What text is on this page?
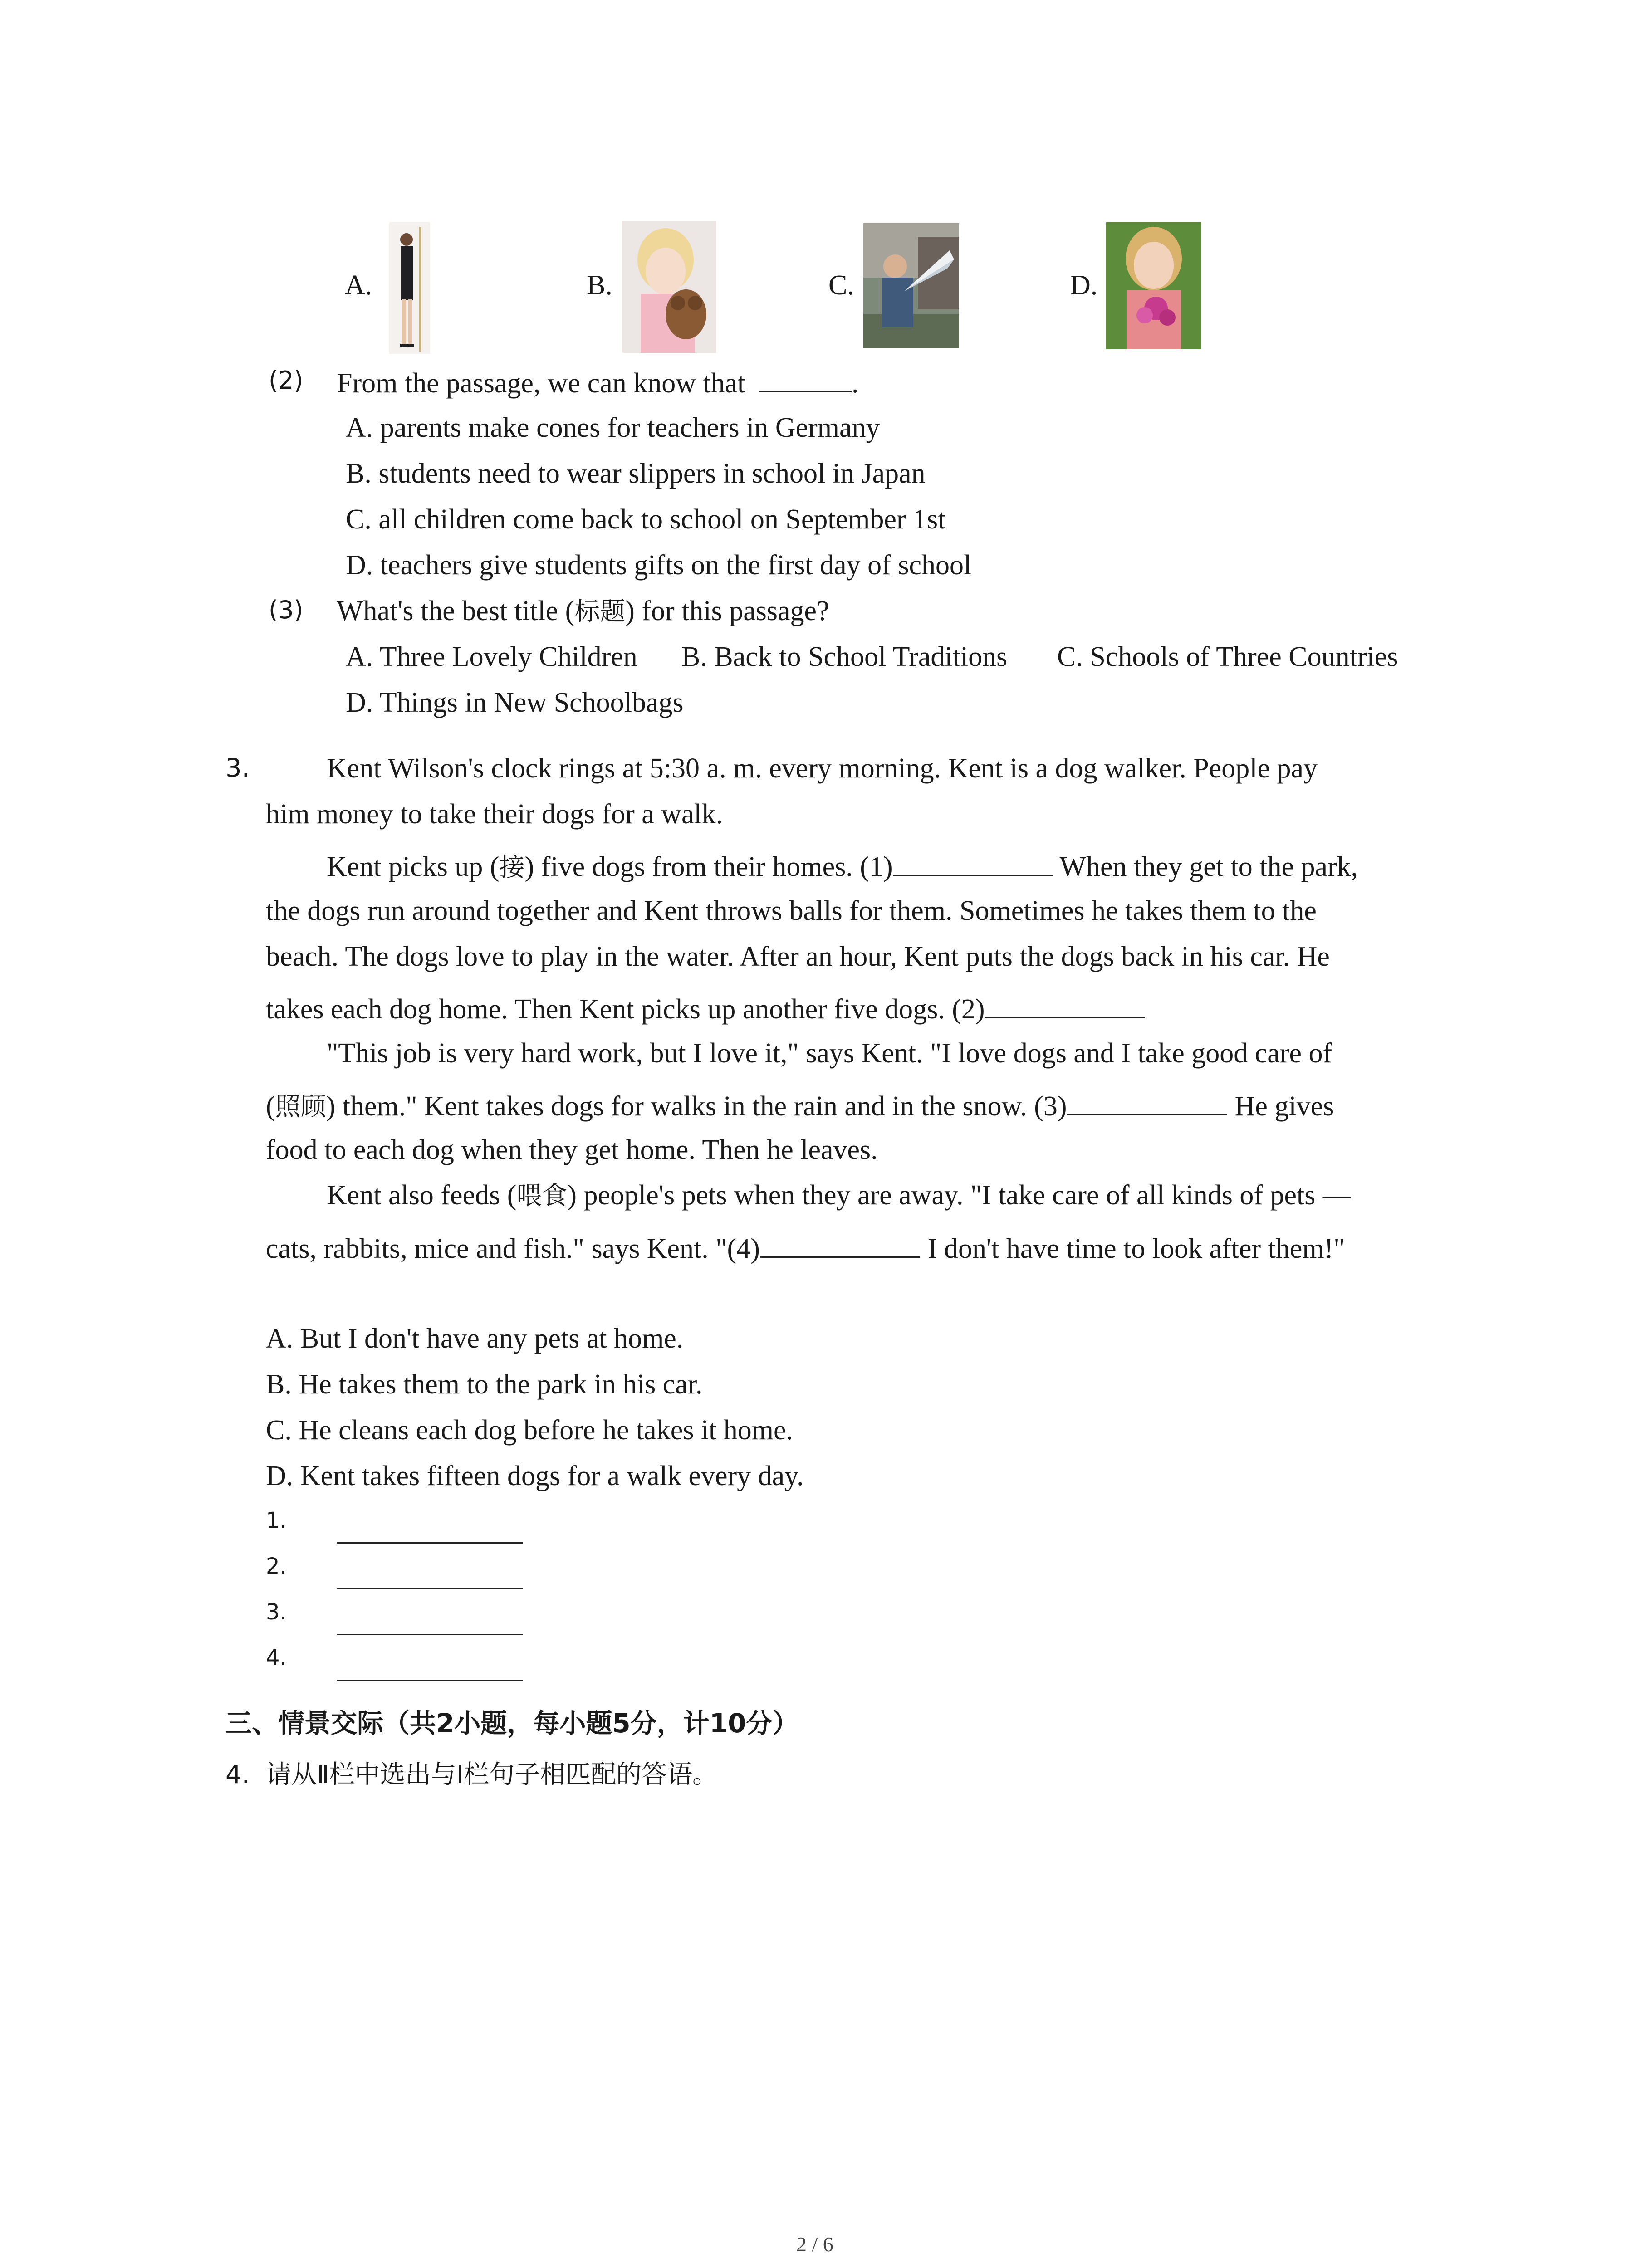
A.	B.	C.	D.
(2) From the passage, we can know that	.
A. parents make cones for teachers in Germany
B. students need to wear slippers in school in Japan
C. all children come back to school on September 1st
D. teachers give students gifts on the first day of school
(3) What's the best title (标题) for this passage?
A. Three Lovely Children B. Back to School Traditions C. Schools of Three Countries
D. Things in New Schoolbags
3.	Kent Wilson's clock rings at 5:30 a. m. every morning. Kent is a dog walker. People pay
him money to take their dogs for a walk.
Kent picks up (接) five dogs from their homes. (1)	When they get to the park,
the dogs run around together and Kent throws balls for them. Sometimes he takes them to the
beach. The dogs love to play in the water. After an hour, Kent puts the dogs back in his car. He
takes each dog home. Then Kent picks up another five dogs. (2)
"This job is very hard work, but I love it," says Kent. "I love dogs and I take good care of
(照顾) them." Kent takes dogs for walks in the rain and in the snow. (3)	He gives
food to each dog when they get home. Then he leaves.
Kent also feeds (喂食) people's pets when they are away. "I take care of all kinds of pets —
cats, rabbits, mice and fish." says Kent. "(4)	I don't have time to look after them!"
A. But I don't have any pets at home.
B. He takes them to the park in his car.
C. He cleans each dog before he takes it home.
D. Kent takes fifteen dogs for a walk every day.
1.
2.
3.
4.
三、情景交际（共2小题，每小题5分，计10分）
4. 请从Ⅱ栏中选出与Ⅰ栏句子相匹配的答语。
2 / 6
